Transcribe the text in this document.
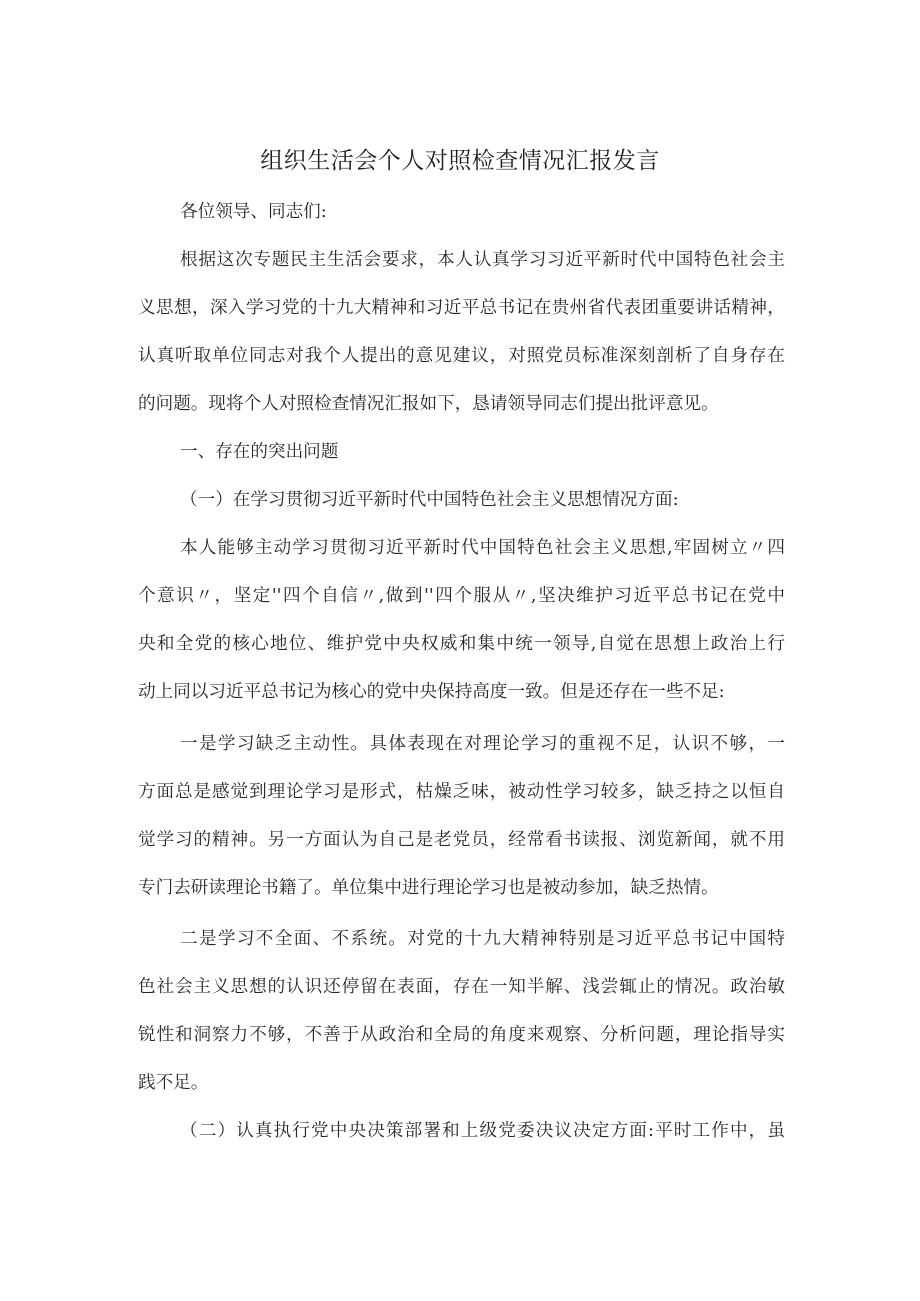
组织生活会个人对照检查情况汇报发言
各位领导、同志们:
根据这次专题民主生活会要求，本人认真学习习近平新时代中国特色社会主
义思想，深入学习党的十九大精神和习近平总书记在贵州省代表团重要讲话精神，
认真听取单位同志对我个人提出的意见建议，对照党员标准深刻剖析了自身存在
的问题。现将个人对照检查情况汇报如下，恳请领导同志们提出批评意见。
一、存在的突出问题
（一）在学习贯彻习近平新时代中国特色社会主义思想情况方面:
本人能够主动学习贯彻习近平新时代中国特色社会主义思想,牢固树立〃四
个意识〃，坚定''四个自信〃,做到''四个服从〃,坚决维护习近平总书记在党中
央和全党的核心地位、维护党中央权威和集中统一领导,自觉在思想上政治上行
动上同以习近平总书记为核心的党中央保持高度一致。但是还存在一些不足:
一是学习缺乏主动性。具体表现在对理论学习的重视不足，认识不够，一
方面总是感觉到理论学习是形式，枯燥乏味，被动性学习较多，缺乏持之以恒自
觉学习的精神。另一方面认为自己是老党员，经常看书读报、浏览新闻，就不用
专门去研读理论书籍了。单位集中进行理论学习也是被动参加，缺乏热情。
二是学习不全面、不系统。对党的十九大精神特别是习近平总书记中国特
色社会主义思想的认识还停留在表面，存在一知半解、浅尝辄止的情况。政治敏
锐性和洞察力不够，不善于从政治和全局的角度来观察、分析问题，理论指导实
践不足。
（二）认真执行党中央决策部署和上级党委决议决定方面:平时工作中，虽
